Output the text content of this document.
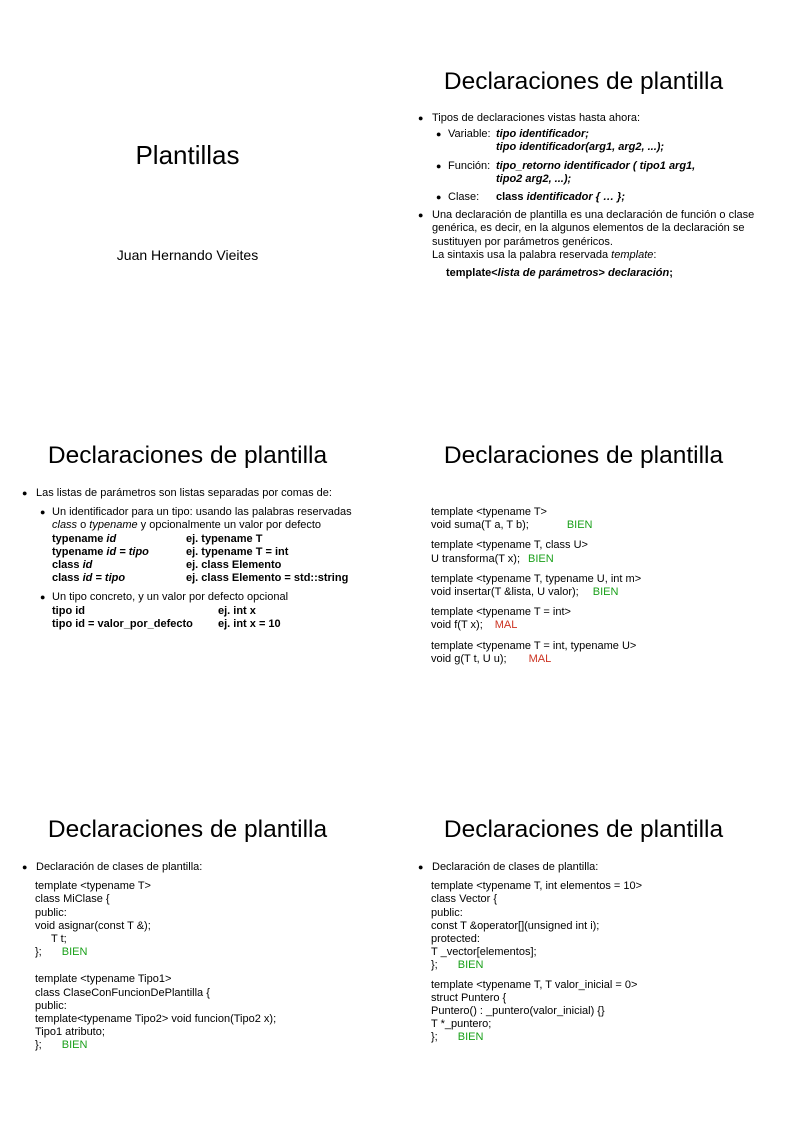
Plantillas
Juan Hernando Vieites
Declaraciones de plantilla
● Tipos de declaraciones vistas hasta ahora:
● Variable: tipo identificador;
tipo identificador(arg1, arg2, ...);
● Función: tipo_retorno identificador ( tipo1 arg1,
tipo2 arg2, ...);
● Clase:	class identificador { … };
● Una declaración de plantilla es una declaración de función o clase genérica, es decir, en la algunos elementos de la declaración se sustituyen por parámetros genéricos.
La sintaxis usa la palabra reservada template:
template<lista de parámetros> declaración;
Declaraciones de plantilla
● Las listas de parámetros son listas separadas por comas de:
● Un identificador para un tipo: usando las palabras reservadas class o typename y opcionalmente un valor por defecto
typename id	ej. typename T
typename id = tipo	ej. typename T = int
class id	ej. class Elemento
class id = tipo	ej. class Elemento = std::string
● Un tipo concreto, y un valor por defecto opcional
tipo id	ej. int x
tipo id = valor_por_defecto	ej. int x = 10
Declaraciones de plantilla
template <typename T>
void suma(T a, T b);	BIEN
template <typename T, class U>
U transforma(T x); BIEN
template <typename T, typename U, int m>
void insertar(T &lista, U valor); BIEN
template <typename T = int>
void f(T x); MAL
template <typename T = int, typename U>
void g(T t, U u); MAL
Declaraciones de plantilla
● Declaración de clases de plantilla:
template <typename T>
class MiClase {
public:
void asignar(const T &);
T t;
}; BIEN
template <typename Tipo1>
class ClaseConFuncionDePlantilla {
public:
template<typename Tipo2> void funcion(Tipo2 x);
Tipo1 atributo;
}; BIEN
Declaraciones de plantilla
● Declaración de clases de plantilla:
template <typename T, int elementos = 10>
class Vector {
public:
const T &operator[](unsigned int i);
protected:
T _vector[elementos];
}; BIEN
template <typename T, T valor_inicial = 0>
struct Puntero {
Puntero() : _puntero(valor_inicial) {}
T *_puntero;
}; BIEN
